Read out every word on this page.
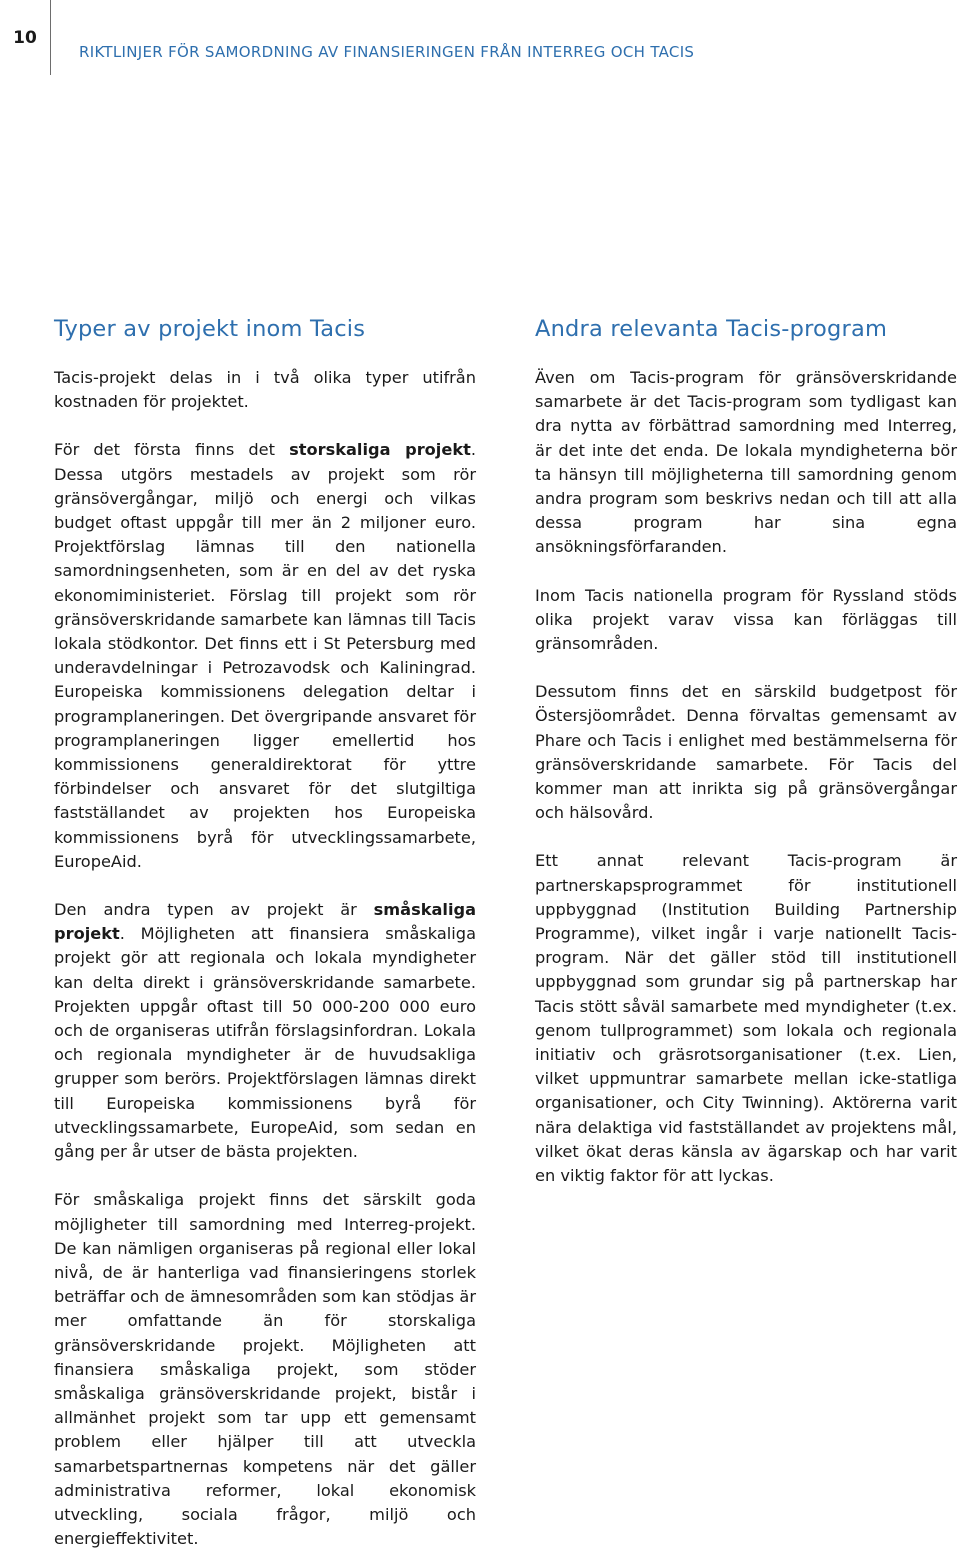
10
RIKTLINJER FÖR SAMORDNING AV FINANSIERINGEN FRÅN INTERREG OCH TACIS
Typer av projekt inom Tacis

Tacis-projekt delas in i två olika typer utifrån kostnaden för projektet.

För det första finns det storskaliga projekt. Dessa utgörs mestadels av projekt som rör gränsövergångar, miljö och energi och vilkas budget oftast uppgår till mer än 2 miljoner euro. Projektförslag lämnas till den nationella samordningsenheten, som är en del av det ryska ekonomiministeriet. Förslag till projekt som rör gränsöverskridande samarbete kan lämnas till Tacis lokala stödkontor. Det finns ett i St Petersburg med underavdelningar i Petrozavodsk och Kaliningrad. Europeiska kommissionens delegation deltar i programplaneringen. Det övergripande ansvaret för programplaneringen ligger emellertid hos kommissionens generaldirektorat för yttre förbindelser och ansvaret för det slutgiltiga fastställandet av projekten hos Europeiska kommissionens byrå för utvecklingssamarbete, EuropeAid.

Den andra typen av projekt är småskaliga projekt. Möjligheten att finansiera småskaliga projekt gör att regionala och lokala myndigheter kan delta direkt i gränsöverskridande samarbete. Projekten uppgår oftast till 50 000-200 000 euro och de organiseras utifrån förslagsinfordran. Lokala och regionala myndigheter är de huvudsakliga grupper som berörs. Projektförslagen lämnas direkt till Europeiska kommissionens byrå för utvecklingssamarbete, EuropeAid, som sedan en gång per år utser de bästa projekten.

För småskaliga projekt finns det särskilt goda möjligheter till samordning med Interreg-projekt. De kan nämligen organiseras på regional eller lokal nivå, de är hanterliga vad finansieringens storlek beträffar och de ämnesområden som kan stödjas är mer omfattande än för storskaliga gränsöverskridande projekt. Möjligheten att finansiera småskaliga projekt, som stöder småskaliga gränsöverskridande projekt, bistår i allmänhet projekt som tar upp ett gemensamt problem eller hjälper till att utveckla samarbetspartnernas kompetens när det gäller administrativa reformer, lokal ekonomisk utveckling, sociala frågor, miljö och energieffektivitet.

Andra relevanta Tacis-program

Även om Tacis-program för gränsöverskridande samarbete är det Tacis-program som tydligast kan dra nytta av förbättrad samordning med Interreg, är det inte det enda. De lokala myndigheterna bör ta hänsyn till möjligheterna till samordning genom andra program som beskrivs nedan och till att alla dessa program har sina egna ansökningsförfaranden.

Inom Tacis nationella program för Ryssland stöds olika projekt varav vissa kan förläggas till gränsområden.

Dessutom finns det en särskild budgetpost för Östersjöområdet. Denna förvaltas gemensamt av Phare och Tacis i enlighet med bestämmelserna för gränsöverskridande samarbete. För Tacis del kommer man att inrikta sig på gränsövergångar och hälsovård.

Ett annat relevant Tacis-program är partnerskapsprogrammet för institutionell uppbyggnad (Institution Building Partnership Programme), vilket ingår i varje nationellt Tacis-program. När det gäller stöd till institutionell uppbyggnad som grundar sig på partnerskap har Tacis stött såväl samarbete med myndigheter (t.ex. genom tullprogrammet) som lokala och regionala initiativ och gräsrotsorganisationer (t.ex. Lien, vilket uppmuntrar samarbete mellan icke-statliga organisationer, och City Twinning). Aktörerna varit nära delaktiga vid fastställandet av projektens mål, vilket ökat deras känsla av ägarskap och har varit en viktig faktor för att lyckas.
